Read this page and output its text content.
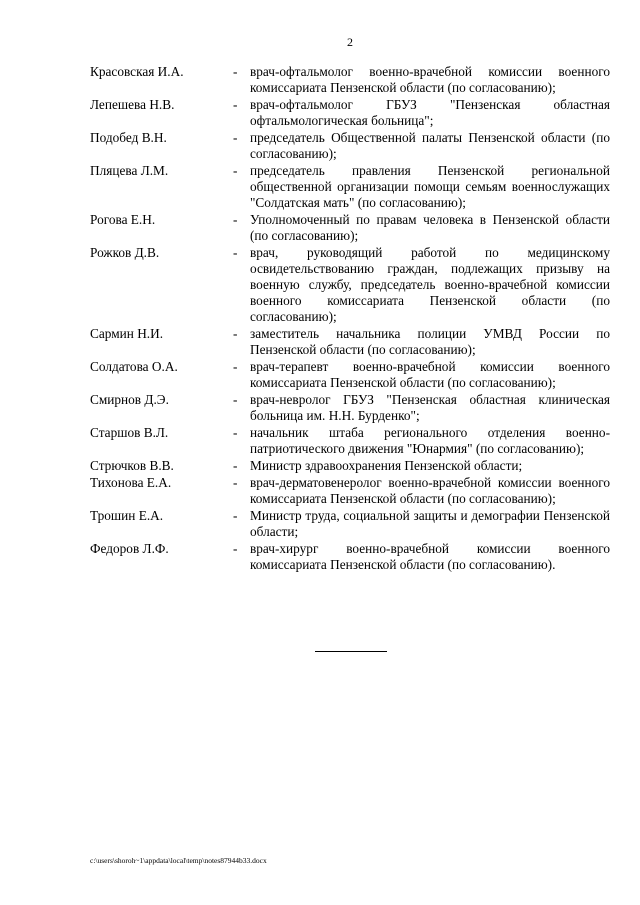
2
Красовская И.А.	- врач-офтальмолог военно-врачебной комиссии военного комиссариата Пензенской области (по согласованию);
Лепешева Н.В.	- врач-офтальмолог ГБУЗ "Пензенская областная офтальмологическая больница";
Подобед В.Н.	- председатель Общественной палаты Пензенской области (по согласованию);
Пляцева Л.М.	- председатель правления Пензенской региональной общественной организации помощи семьям военнослужащих "Солдатская мать" (по согласованию);
Рогова Е.Н.	- Уполномоченный по правам человека в Пензенской области (по согласованию);
Рожков Д.В.	- врач, руководящий работой по медицинскому освидетельствованию граждан, подлежащих призыву на военную службу, председатель военно-врачебной комиссии военного комиссариата Пензенской области (по согласованию);
Сармин Н.И.	- заместитель начальника полиции УМВД России по Пензенской области (по согласованию);
Солдатова О.А.	- врач-терапевт военно-врачебной комиссии военного комиссариата Пензенской области (по согласованию);
Смирнов Д.Э.	- врач-невролог ГБУЗ "Пензенская областная клиническая больница им. Н.Н. Бурденко";
Старшов В.Л.	- начальник штаба регионального отделения военно-патриотического движения "Юнармия" (по согласованию);
Стрючков В.В.	- Министр здравоохранения Пензенской области;
Тихонова Е.А.	- врач-дерматовенеролог военно-врачебной комиссии военного комиссариата Пензенской области (по согласованию);
Трошин Е.А.	- Министр труда, социальной защиты и демографии Пензенской области;
Федоров Л.Ф.	- врач-хирург военно-врачебной комиссии военного комиссариата Пензенской области (по согласованию).
c:\users\shoroh~1\appdata\local\temp\notes87944b33.docx
